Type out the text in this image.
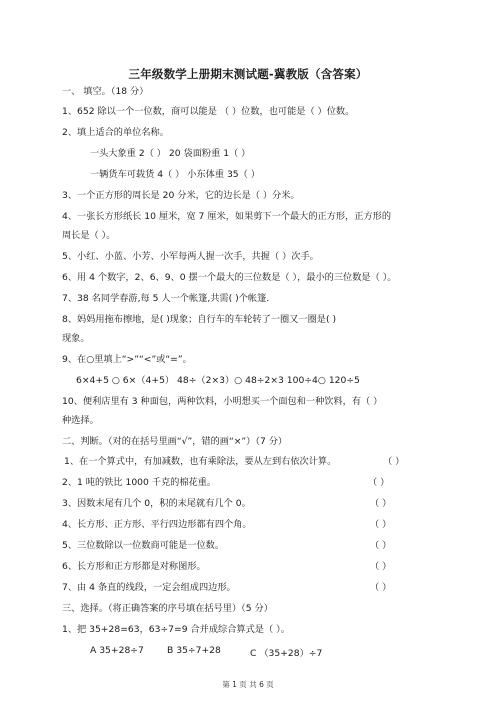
三年级数学上册期末测试题-冀教版（含答案）
一、 填空。（18 分）
1、652 除以一个一位数，商可以能是 （ ）位数，也可能是（ ）位数。
2、填上适合的单位名称。
一头大象重 2（ ） 20 袋面粉重 1（ ）
一辆货车可载货 4（ ） 小东体重 35（ ）
3、一个正方形的周长是 20 分米，它的边长是（ ）分米。
4、一张长方形纸长 10 厘米，宽 7 厘米，如果剪下一个最大的正方形，正方形的
周长是（ ）。
5、小红、小蓝、小芳、小军每两人握一次手，共握（ ）次手。
6、用 4 个数字，2、6、9、0 摆一个最大的三位数是（ ），最小的三位数是（ ）。
7、38 名同学春游,每 5 人一个帐篷,共需( )个帐篷.
8、妈妈用拖布擦地，是( )现象；自行车的车轮转了一圈又一圈是( )
现象。
9、在○里填上“>”“<”或“=”。
6×4+5 ○ 6×（4+5） 48÷（2×3）○ 48÷2×3 100÷4○ 120÷5
10、便利店里有 3 种面包，两种饮料，小明想买一个面包和一种饮料，有（ ）
种选择。
二、判断。（对的在括号里画“√”，错的画“×”）（7 分）
1、在一个算式中，有加减数，也有乘除法，要从左到右依次计算。	（ ）
2、1 吨的铁比 1000 千克的棉花重。	（ ）
3、因数末尾有几个 0，积的末尾就有几个 0。	（ ）
4、长方形、正方形、平行四边形都有四个角。	（ ）
5、三位数除以一位数商可能是一位数。	（ ）
6、长方形和正方形都是对称图形。	（ ）
7、由 4 条直的线段，一定会组成四边形。	（ ）
三、选择。（将正确答案的序号填在括号里）（5 分）
1、把 35+28=63，63÷7=9 合并成综合算式是（ ）。
A 35+28÷7	B 35÷7+28	C （35+28）÷7
第 1 页 共 6 页
